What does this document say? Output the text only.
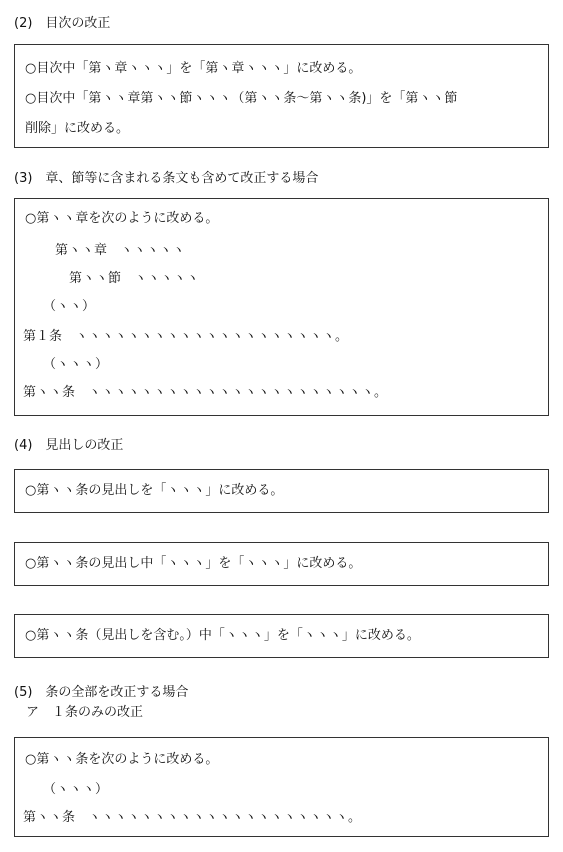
(2)　目次の改正
○目次中「第ヽ章ヽヽヽ」を「第ヽ章ヽヽヽ」に改める。
○目次中「第ヽヽ章第ヽヽ節ヽヽヽ（第ヽヽ条～第ヽヽ条)」を「第ヽヽ節
削除」に改める。
(3)　章、節等に含まれる条文も含めて改正する場合
○第ヽヽ章を次のように改める。
第ヽヽ章　ヽヽヽヽヽ
第ヽヽ節　ヽヽヽヽヽ
（ヽヽ）
第１条　ヽヽヽヽヽヽヽヽヽヽヽヽヽヽヽヽヽヽヽヽ。
（ヽヽヽ）
第ヽヽ条　ヽヽヽヽヽヽヽヽヽヽヽヽヽヽヽヽヽヽヽヽヽヽ。
(4)　見出しの改正
○第ヽヽ条の見出しを「ヽヽヽ」に改める。
○第ヽヽ条の見出し中「ヽヽヽ」を「ヽヽヽ」に改める。
○第ヽヽ条（見出しを含む。）中「ヽヽヽ」を「ヽヽヽ」に改める。
(5)　条の全部を改正する場合
ア　１条のみの改正
○第ヽヽ条を次のように改める。
（ヽヽヽ）
第ヽヽ条　ヽヽヽヽヽヽヽヽヽヽヽヽヽヽヽヽヽヽヽヽ。
